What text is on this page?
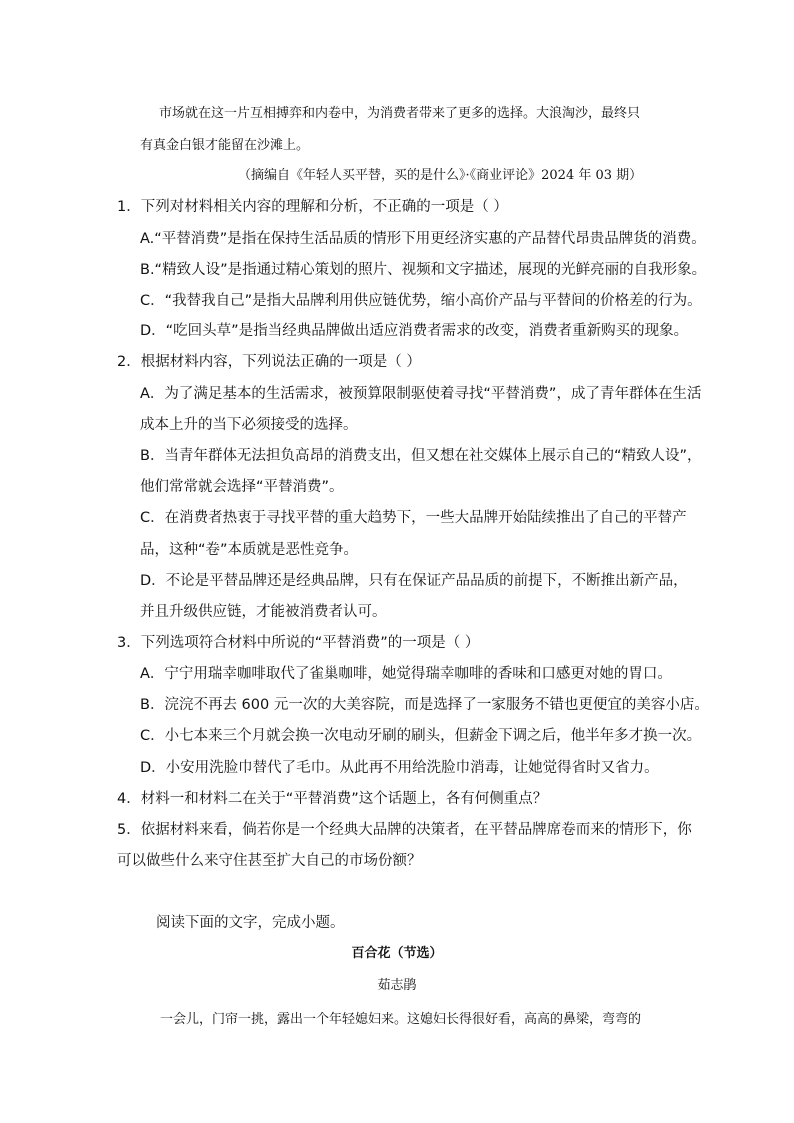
市场就在这一片互相搏弈和内卷中，为消费者带来了更多的选择。大浪淘沙，最终只
有真金白银才能留在沙滩上。
（摘编自《年轻人买平替，买的是什么》·《商业评论》2024 年 03 期）
1．下列对材料相关内容的理解和分析，不正确的一项是（ ）
A.“平替消费”是指在保持生活品质的情形下用更经济实惠的产品替代昂贵品牌货的消费。
B.“精致人设”是指通过精心策划的照片、视频和文字描述，展现的光鲜亮丽的自我形象。
C．“我替我自己”是指大品牌利用供应链优势，缩小高价产品与平替间的价格差的行为。
D．“吃回头草”是指当经典品牌做出适应消费者需求的改变，消费者重新购买的现象。
2．根据材料内容，下列说法正确的一项是（ ）
A．为了满足基本的生活需求，被预算限制驱使着寻找“平替消费”，成了青年群体在生活
成本上升的当下必须接受的选择。
B．当青年群体无法担负高昂的消费支出，但又想在社交媒体上展示自己的“精致人设”，
他们常常就会选择“平替消费”。
C．在消费者热衷于寻找平替的重大趋势下，一些大品牌开始陆续推出了自己的平替产
品，这种“卷”本质就是恶性竞争。
D．不论是平替品牌还是经典品牌，只有在保证产品品质的前提下，不断推出新产品，
并且升级供应链，才能被消费者认可。
3．下列选项符合材料中所说的“平替消费”的一项是（ ）
A．宁宁用瑞幸咖啡取代了雀巢咖啡，她觉得瑞幸咖啡的香味和口感更对她的胃口。
B．浣浣不再去 600 元一次的大美容院，而是选择了一家服务不错也更便宜的美容小店。
C．小七本来三个月就会换一次电动牙刷的刷头，但薪金下调之后，他半年多才换一次。
D．小安用洗脸巾替代了毛巾。从此再不用给洗脸巾消毒，让她觉得省时又省力。
4．材料一和材料二在关于“平替消费”这个话题上，各有何侧重点？
5．依据材料来看，倘若你是一个经典大品牌的决策者，在平替品牌席卷而来的情形下，你
可以做些什么来守住甚至扩大自己的市场份额？
阅读下面的文字，完成小题。
百合花（节选）
茹志鹃
一会儿，门帘一挑，露出一个年轻媳妇来。这媳妇长得很好看，高高的鼻梁，弯弯的
